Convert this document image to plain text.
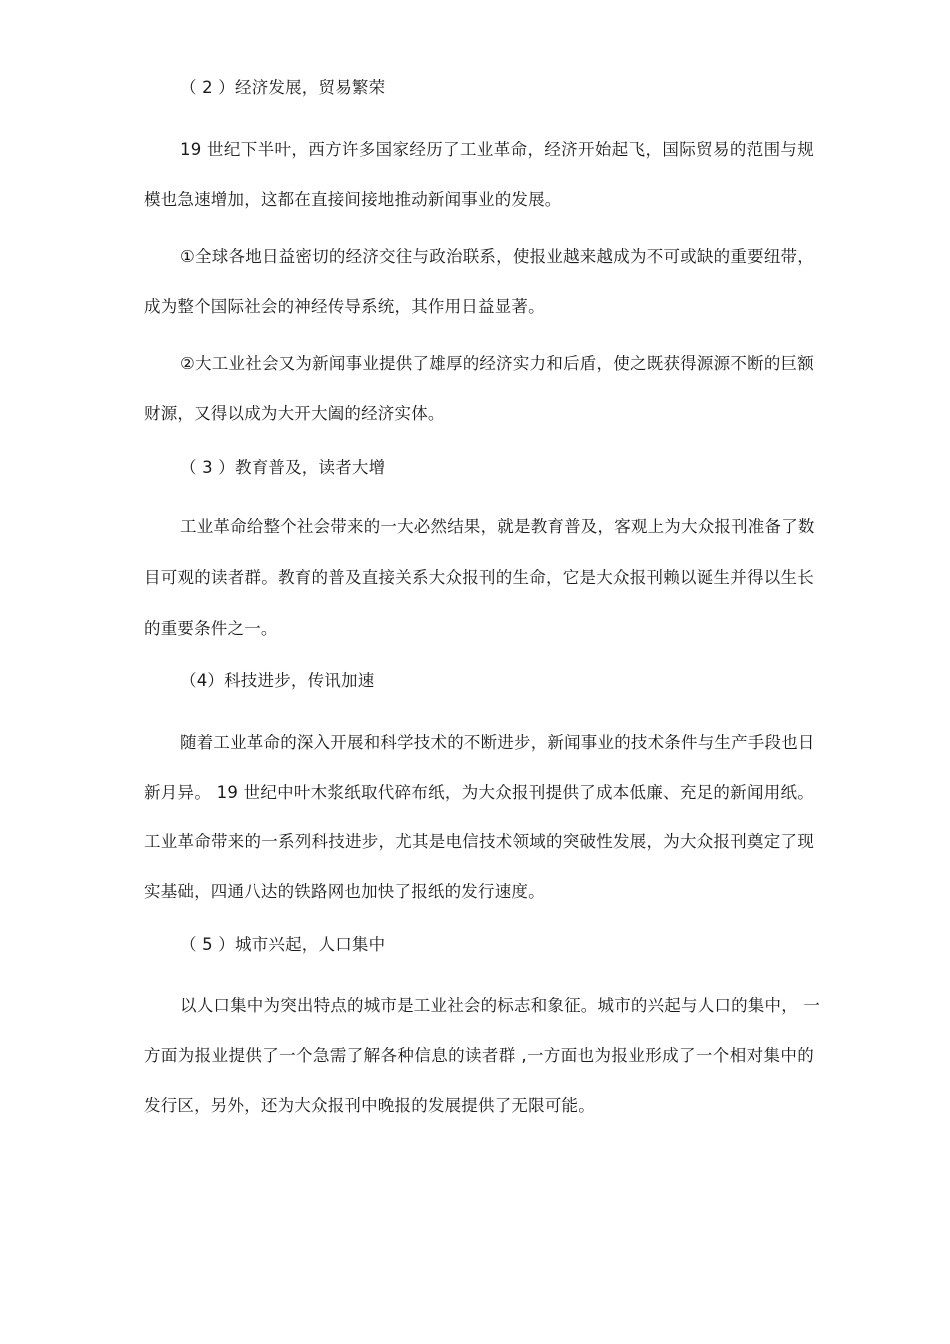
（ 2 ）经济发展，贸易繁荣
19 世纪下半叶，西方许多国家经历了工业革命，经济开始起飞，国际贸易的范围与规
模也急速增加，这都在直接间接地推动新闻事业的发展。
①全球各地日益密切的经济交往与政治联系，使报业越来越成为不可或缺的重要纽带，
成为整个国际社会的神经传导系统，其作用日益显著。
②大工业社会又为新闻事业提供了雄厚的经济实力和后盾，使之既获得源源不断的巨额
财源，又得以成为大开大阖的经济实体。
（ 3 ）教育普及，读者大增
工业革命给整个社会带来的一大必然结果，就是教育普及，客观上为大众报刊准备了数
目可观的读者群。教育的普及直接关系大众报刊的生命，它是大众报刊赖以诞生并得以生长
的重要条件之一。
（4）科技进步，传讯加速
随着工业革命的深入开展和科学技术的不断进步，新闻事业的技术条件与生产手段也日
新月异。 19 世纪中叶木浆纸取代碎布纸，为大众报刊提供了成本低廉、充足的新闻用纸。
工业革命带来的一系列科技进步，尤其是电信技术领域的突破性发展，为大众报刊奠定了现
实基础，四通八达的铁路网也加快了报纸的发行速度。
（ 5 ）城市兴起，人口集中
以人口集中为突出特点的城市是工业社会的标志和象征。城市的兴起与人口的集中， 一
方面为报业提供了一个急需了解各种信息的读者群 ,一方面也为报业形成了一个相对集中的
发行区，另外，还为大众报刊中晚报的发展提供了无限可能。
